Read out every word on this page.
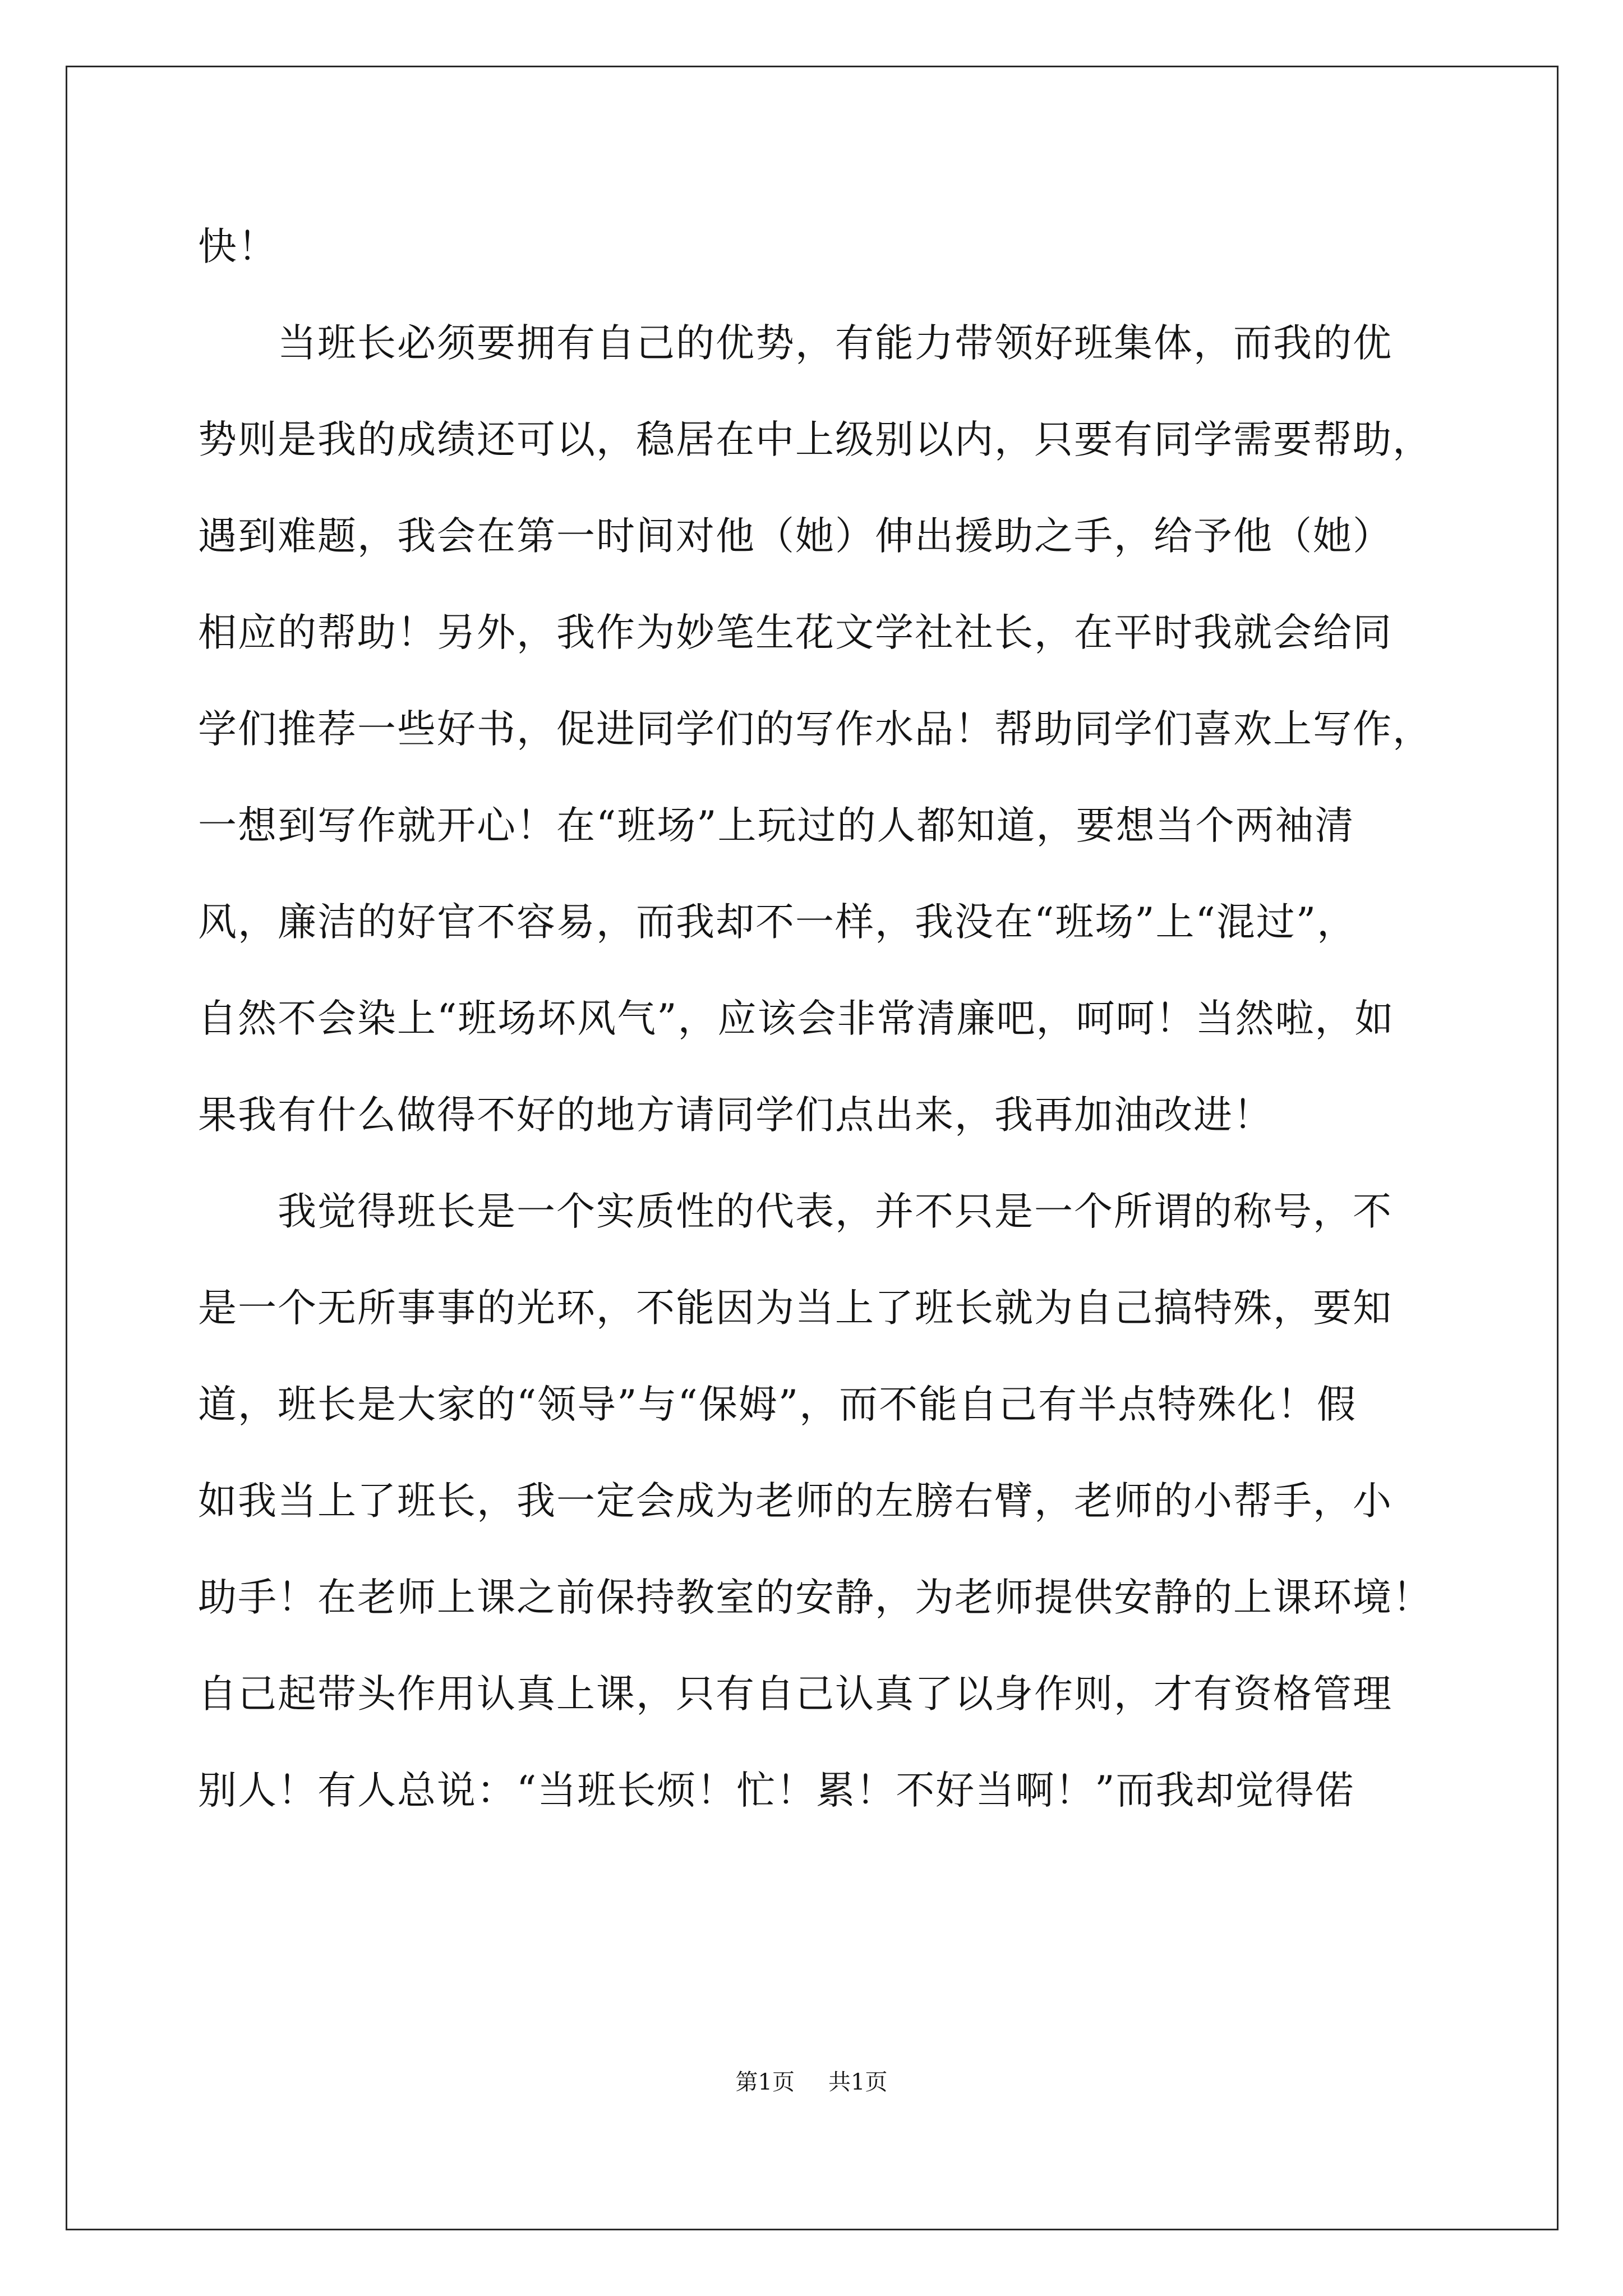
快！
　　当班长必须要拥有自己的优势，有能力带领好班集体，而我的优
势则是我的成绩还可以，稳居在中上级别以内，只要有同学需要帮助，
遇到难题，我会在第一时间对他（她）伸出援助之手，给予他（她）
相应的帮助！另外，我作为妙笔生花文学社社长，在平时我就会给同
学们推荐一些好书，促进同学们的写作水品！帮助同学们喜欢上写作，
一想到写作就开心！在“班场”上玩过的人都知道，要想当个两袖清
风，廉洁的好官不容易，而我却不一样，我没在“班场”上“混过”，
自然不会染上“班场坏风气”，应该会非常清廉吧，呵呵！当然啦，如
果我有什么做得不好的地方请同学们点出来，我再加油改进！
　　我觉得班长是一个实质性的代表，并不只是一个所谓的称号，不
是一个无所事事的光环，不能因为当上了班长就为自己搞特殊，要知
道，班长是大家的“领导”与“保姆”，而不能自己有半点特殊化！假
如我当上了班长，我一定会成为老师的左膀右臂，老师的小帮手，小
助手！在老师上课之前保持教室的安静，为老师提供安静的上课环境！
自己起带头作用认真上课，只有自己认真了以身作则，才有资格管理
别人！有人总说：“当班长烦！忙！累！不好当啊！”而我却觉得偌
第1页 共1页
